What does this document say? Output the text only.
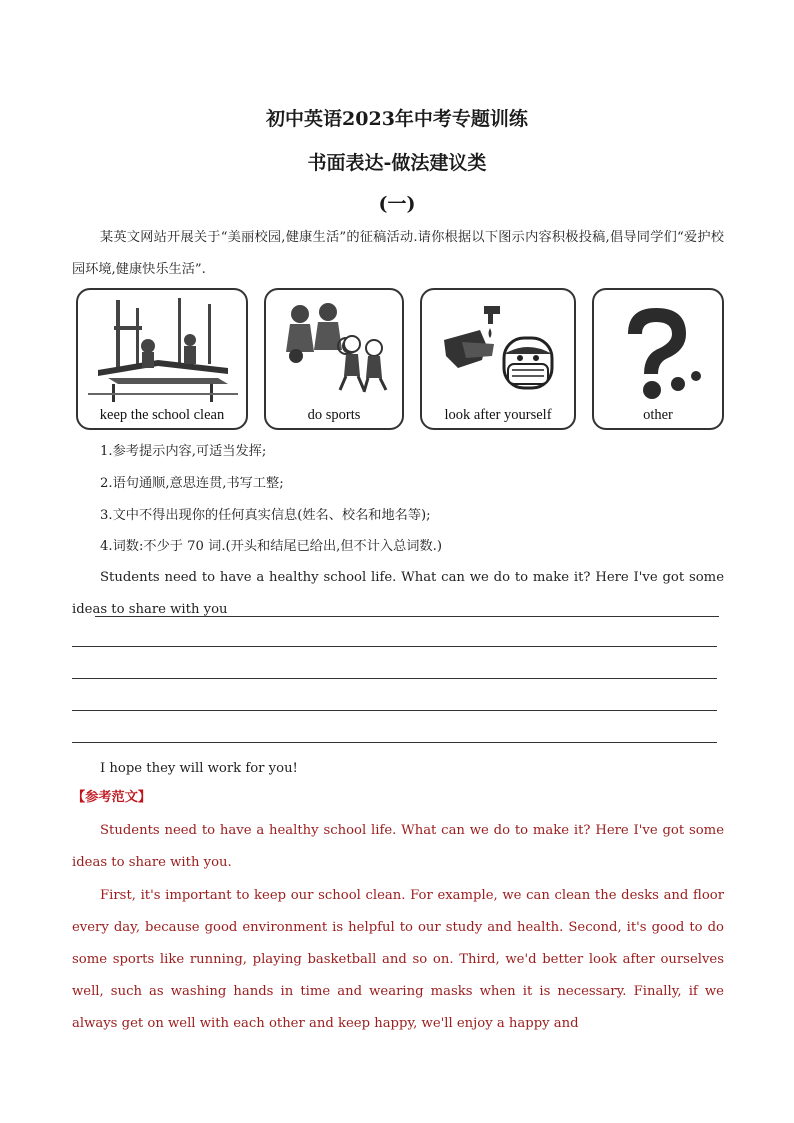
初中英语2023年中考专题训练
书面表达-做法建议类
(一)
某英文网站开展关于“美丽校园,健康生活”的征稿活动.请你根据以下图示内容积极投稿,倡导同学们“爱护校园环境,健康快乐生活”.
keep the school clean	do sports	look after yourself	other
1.参考提示内容,可适当发挥;
2.语句通顺,意思连贯,书写工整;
3.文中不得出现你的任何真实信息(姓名、校名和地名等);
4.词数:不少于 70 词.(开头和结尾已给出,但不计入总词数.)
Students need to have a healthy school life. What can we do to make it? Here I've got some ideas to share with you
I hope they will work for you!
【参考范文】
Students need to have a healthy school life. What can we do to make it? Here I've got some ideas to share with you.
First, it's important to keep our school clean. For example, we can clean the desks and floor every day, because good environment is helpful to our study and health. Second, it's good to do some sports like running, playing basketball and so on. Third, we'd better look after ourselves well, such as washing hands in time and wearing masks when it is necessary. Finally, if we always get on well with each other and keep happy, we'll enjoy a happy and
